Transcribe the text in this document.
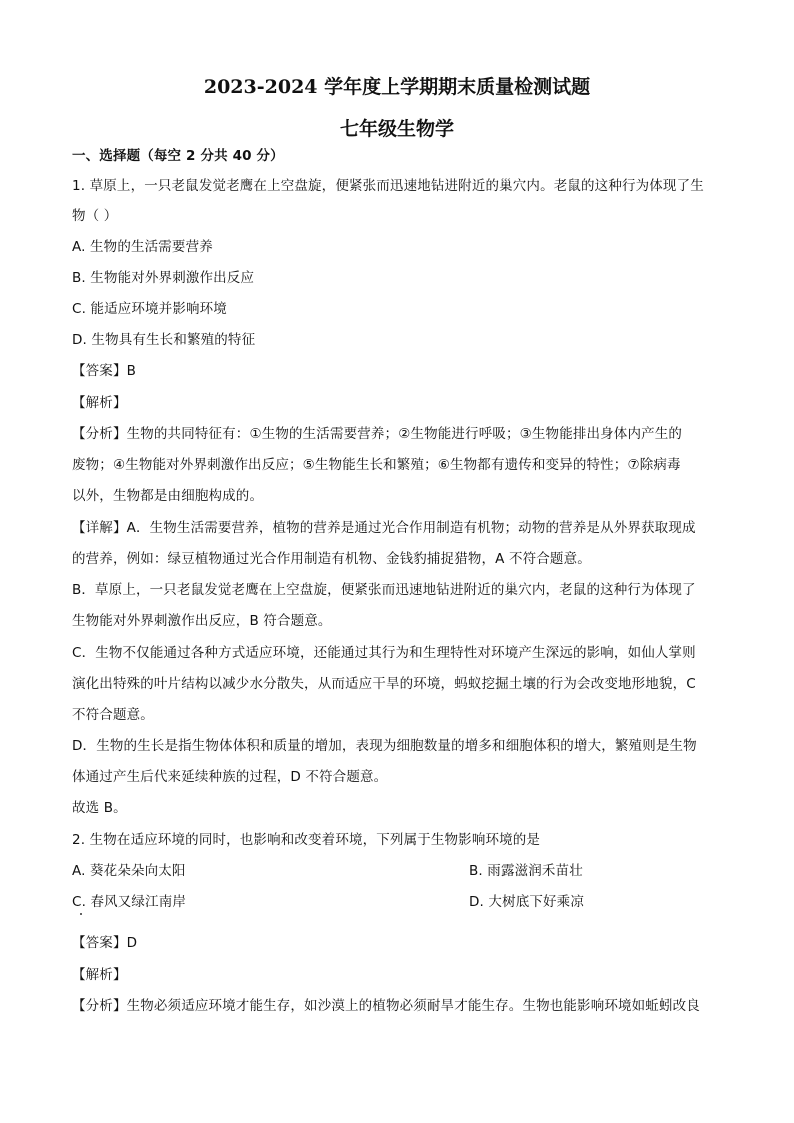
2023-2024 学年度上学期期末质量检测试题
七年级生物学
一、选择题（每空 2 分共 40 分）
1. 草原上，一只老鼠发觉老鹰在上空盘旋，便紧张而迅速地钻进附近的巢穴内。老鼠的这种行为体现了生
物（ ）
A. 生物的生活需要营养
B. 生物能对外界刺激作出反应
C. 能适应环境并影响环境
D. 生物具有生长和繁殖的特征
【答案】B
【解析】
【分析】生物的共同特征有：①生物的生活需要营养；②生物能进行呼吸；③生物能排出身体内产生的
废物；④生物能对外界刺激作出反应；⑤生物能生长和繁殖；⑥生物都有遗传和变异的特性；⑦除病毒
以外，生物都是由细胞构成的。
【详解】A．生物生活需要营养，植物的营养是通过光合作用制造有机物；动物的营养是从外界获取现成
的营养，例如：绿豆植物通过光合作用制造有机物、金钱豹捕捉猎物，A 不符合题意。
B．草原上，一只老鼠发觉老鹰在上空盘旋，便紧张而迅速地钻进附近的巢穴内，老鼠的这种行为体现了
生物能对外界刺激作出反应，B 符合题意。
C．生物不仅能通过各种方式适应环境，还能通过其行为和生理特性对环境产生深远的影响，如仙人掌则
演化出特殊的叶片结构以减少水分散失，从而适应干旱的环境，蚂蚁挖掘土壤的行为会改变地形地貌，C
不符合题意。
D．生物的生长是指生物体体积和质量的增加，表现为细胞数量的增多和细胞体积的增大，繁殖则是生物
体通过产生后代来延续种族的过程，D 不符合题意。
故选 B。
2. 生物在适应环境的同时，也影响和改变着环境，下列属于生物影响环境的是
A. 葵花朵朵向太阳	B. 雨露滋润禾苗壮
C. 春风又绿江南岸	D. 大树底下好乘凉
【答案】D
【解析】
【分析】生物必须适应环境才能生存，如沙漠上的植物必须耐旱才能生存。生物也能影响环境如蚯蚓改良
